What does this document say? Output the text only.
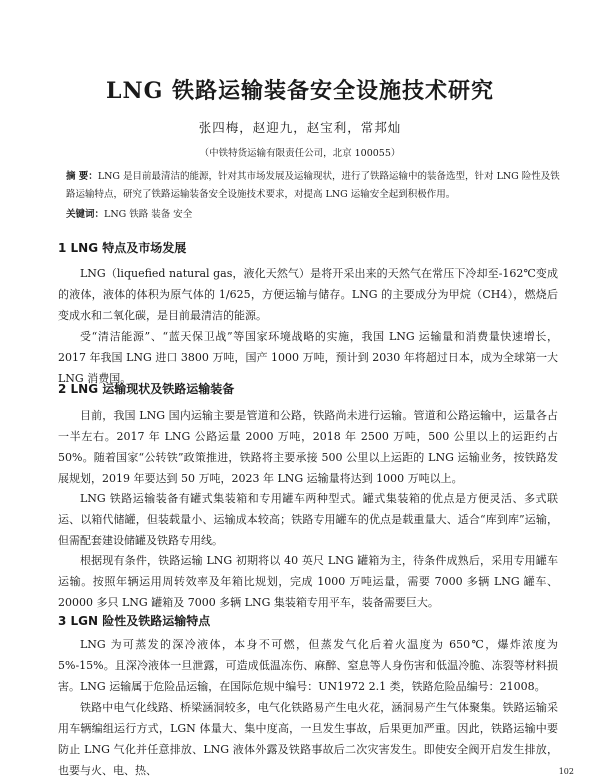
LNG 铁路运输装备安全设施技术研究
张四梅，赵迎九，赵宝利，常邦灿
（中铁特货运输有限责任公司，北京 100055）

摘 要：LNG 是目前最清洁的能源，针对其市场发展及运输现状，进行了铁路运输中的装备选型，针对 LNG 险性及铁路运输特点，研究了铁路运输装备安全设施技术要求，对提高 LNG 运输安全起到积极作用。

关键词：LNG 铁路 装备 安全

1 LNG 特点及市场发展

LNG（liquefied natural gas，液化天然气）是将开采出来的天然气在常压下冷却至-162℃变成的液体，液体的体积为原气体的 1/625，方便运输与储存。LNG 的主要成分为甲烷（CH4），燃烧后变成水和二氧化碳，是目前最清洁的能源。

受“清洁能源”、“蓝天保卫战”等国家环境战略的实施，我国 LNG 运输量和消费量快速增长，2017 年我国 LNG 进口 3800 万吨，国产 1000 万吨，预计到 2030 年将超过日本，成为全球第一大 LNG 消费国。

2 LNG 运输现状及铁路运输装备

目前，我国 LNG 国内运输主要是管道和公路，铁路尚未进行运输。管道和公路运输中，运量各占一半左右。2017 年 LNG 公路运量 2000 万吨，2018 年 2500 万吨，500 公里以上的运距约占 50%。随着国家“公转铁”政策推进，铁路将主要承接 500 公里以上运距的 LNG 运输业务，按铁路发展规划，2019 年要达到 50 万吨，2023 年 LNG 运输量将达到 1000 万吨以上。

LNG 铁路运输装备有罐式集装箱和专用罐车两种型式。罐式集装箱的优点是方便灵活、多式联运、以箱代储罐，但装载量小、运输成本较高；铁路专用罐车的优点是载重量大、适合“库到库”运输，但需配套建设储罐及铁路专用线。

根据现有条件，铁路运输 LNG 初期将以 40 英尺 LNG 罐箱为主，待条件成熟后，采用专用罐车运输。按照年辆运用周转效率及年箱比规划，完成 1000 万吨运量，需要 7000 多辆 LNG 罐车、20000 多只 LNG 罐箱及 7000 多辆 LNG 集装箱专用平车，装备需要巨大。

3 LGN 险性及铁路运输特点

LNG 为可蒸发的深冷液体，本身不可燃，但蒸发气化后着火温度为 650℃，爆炸浓度为 5%-15%。且深冷液体一旦泄露，可造成低温冻伤、麻醉、窒息等人身伤害和低温冷脆、冻裂等材料损害。LNG 运输属于危险品运输，在国际危规中编号：UN1972 2.1 类，铁路危险品编号：21008。

铁路中电气化线路、桥梁涵洞较多，电气化铁路易产生电火花，涵洞易产生气体聚集。铁路运输采用车辆编组运行方式，LGN 体量大、集中度高，一旦发生事故，后果更加严重。因此，铁路运输中要防止 LNG 气化并任意排放、LNG 液体外露及铁路事故后二次灾害发生。即使安全阀开启发生排放，也要与火、电、热、	102
